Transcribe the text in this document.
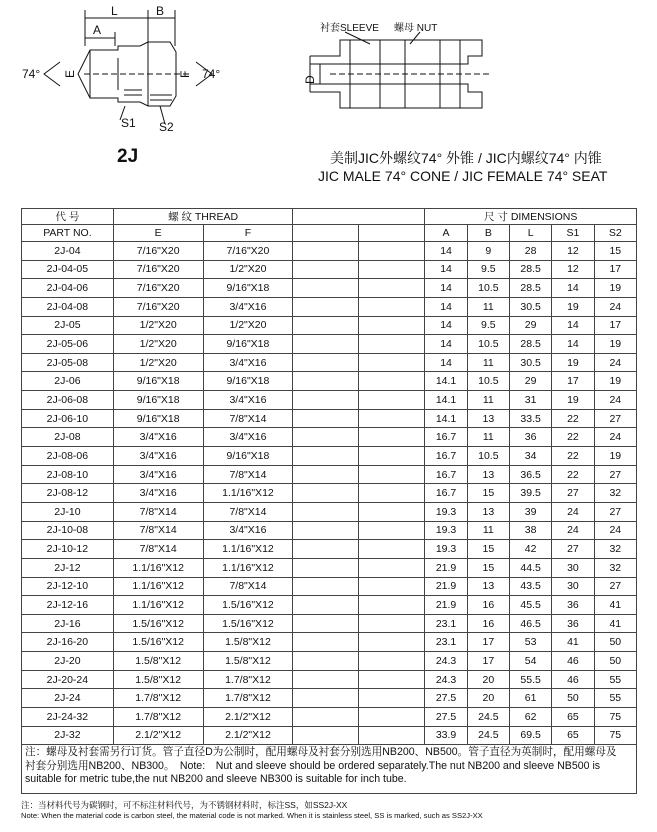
L	B
A
E	F
S1 S2
74°	74°	D
衬套SLEEVE 螺母 NUT
2J	美制JIC外螺纹74° 外锥 / JIC内螺纹74° 内锥
JIC MALE 74° CONE / JIC FEMALE 74° SEAT
代 号	螺 纹 THREAD				尺 寸 DIMENSIONS				
PART NO.	E	F			A	B	L	S1	S2
2J-04	7/16"X20	7/16"X20			14	9	28	12	15
2J-04-05	7/16"X20	1/2"X20			14	9.5	28.5	12	17
2J-04-06	7/16"X20	9/16"X18			14	10.5	28.5	14	19
2J-04-08	7/16"X20	3/4"X16			14	11	30.5	19	24
2J-05	1/2"X20	1/2"X20			14	9.5	29	14	17
2J-05-06	1/2"X20	9/16"X18			14	10.5	28.5	14	19
2J-05-08	1/2"X20	3/4"X16			14	11	30.5	19	24
2J-06	9/16"X18	9/16"X18			14.1	10.5	29	17	19
2J-06-08	9/16"X18	3/4"X16			14.1	11	31	19	24
2J-06-10	9/16"X18	7/8"X14			14.1	13	33.5	22	27
2J-08	3/4"X16	3/4"X16			16.7	11	36	22	24
2J-08-06	3/4"X16	9/16"X18			16.7	10.5	34	22	19
2J-08-10	3/4"X16	7/8"X14			16.7	13	36.5	22	27
2J-08-12	3/4"X16	1.1/16"X12			16.7	15	39.5	27	32
2J-10	7/8"X14	7/8"X14			19.3	13	39	24	27
2J-10-08	7/8"X14	3/4"X16			19.3	11	38	24	24
2J-10-12	7/8"X14	1.1/16"X12			19.3	15	42	27	32
2J-12	1.1/16"X12	1.1/16"X12			21.9	15	44.5	30	32
2J-12-10	1.1/16"X12	7/8"X14			21.9	13	43.5	30	27
2J-12-16	1.1/16"X12	1.5/16"X12			21.9	16	45.5	36	41
2J-16	1.5/16"X12	1.5/16"X12			23.1	16	46.5	36	41
2J-16-20	1.5/16"X12	1.5/8"X12			23.1	17	53	41	50
2J-20	1.5/8"X12	1.5/8"X12			24.3	17	54	46	50
2J-20-24	1.5/8"X12	1.7/8"X12			24.3	20	55.5	46	55
2J-24	1.7/8"X12	1.7/8"X12			27.5	20	61	50	55
2J-24-32	1.7/8"X12	2.1/2"X12			27.5	24.5	62	65	75
2J-32	2.1/2"X12	2.1/2"X12			33.9	24.5	69.5	65	75
注：螺母及衬套需另行订货。管子直径D为公制时，配用螺母及衬套分别选用NB200、NB500。管子直径为英制时，配用螺母及
衬套分别选用NB200、NB300。　Note:　Nut and sleeve should be ordered separately.The nut NB200 and sleeve NB500 is
suitable for metric tube,the nut NB200 and sleeve NB300 is suitable for inch tube.
注：当材料代号为碳钢时，可不标注材料代号，为不锈钢材料时，标注SS，如SS2J-XX
Note: When the material code is carbon steel, the material code is not marked. When it is stainless steel, SS is marked, such as SS2J-XX
